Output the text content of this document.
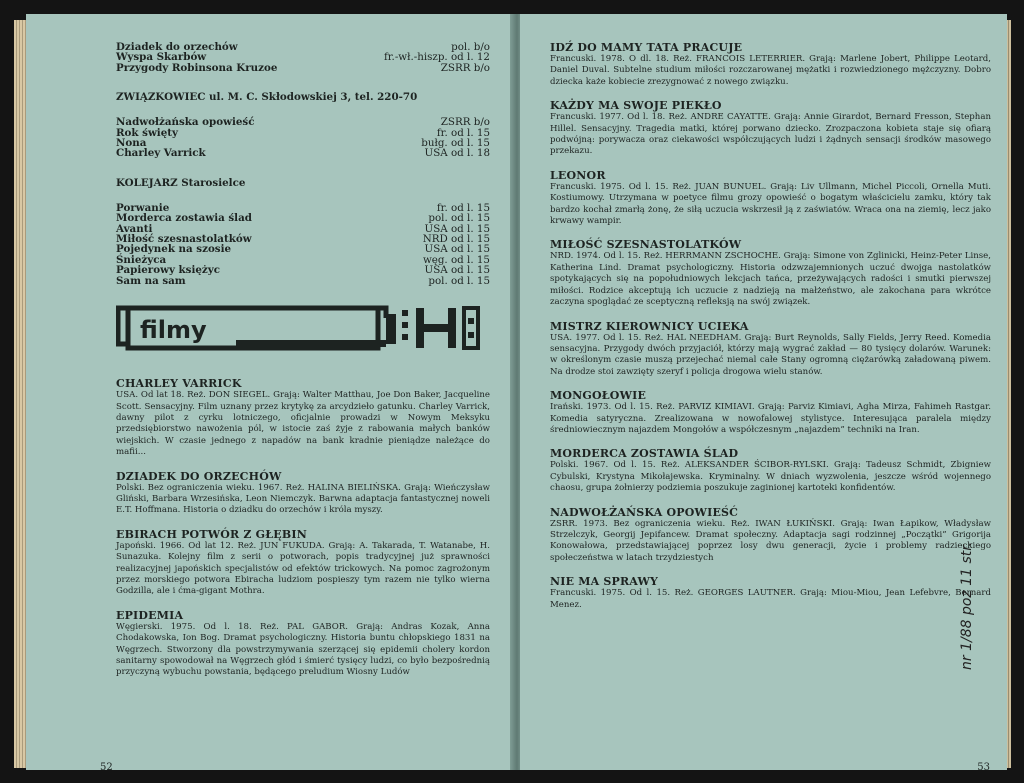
Dziadek do orzechów	pol. b/o
Wyspa Skarbów	fr.-wł.-hiszp. od l. 12
Przygody Robinsona Kruzoe	ZSRR b/o
ZWIĄZKOWIEC ul. M. C. Skłodowskiej 3, tel. 220-70
Nadwołżańska opowieść	ZSRR b/o
Rok święty	fr. od l. 15
Nona	bułg. od l. 15
Charley Varrick	USA od l. 18
KOLEJARZ Starosielce
Porwanie	fr. od l. 15
Morderca zostawia ślad	pol. od l. 15
Avanti	USA od l. 15
Miłość szesnastolatków	NRD od l. 15
Pojedynek na szosie	USA od l. 15
Śnieżyca	węg. od l. 15
Papierowy księżyc	USA od l. 15
Sam na sam	pol. od l. 15
filmy
CHARLEY VARRICK
USA. Od lat 18. Reż. DON SIEGEL. Grają: Walter Matthau, Joe Don Baker, Jacqueline Scott. Sensacyjny. Film uznany przez krytykę za arcydzieło gatunku. Charley Varrick, dawny pilot z cyrku lotniczego, oficjalnie prowadzi w Nowym Meksyku przedsiębiorstwo nawożenia pól, w istocie zaś żyje z rabowania małych banków wiejskich. W czasie jednego z napadów na bank kradnie pieniądze należące do mafii...
DZIADEK DO ORZECHÓW
Polski. Bez ograniczenia wieku. 1967. Reż. HALINA BIELIŃSKA. Grają: Wieńczysław Gliński, Barbara Wrzesińska, Leon Niemczyk. Barwna adaptacja fantastycznej noweli E.T. Hoffmana. Historia o dziadku do orzechów i króla myszy.
EBIRACH POTWÓR Z GŁĘBIN
Japoński. 1966. Od lat 12. Reż. JUN FUKUDA. Grają: A. Takarada, T. Watanabe, H. Sunazuka. Kolejny film z serii o potworach, popis tradycyjnej już sprawności realizacyjnej japońskich specjalistów od efektów trickowych. Na pomoc zagrożonym przez morskiego potwora Ebiracha ludziom pospieszy tym razem nie tylko wierna Godzilla, ale i ćma-gigant Mothra.
EPIDEMIA
Węgierski. 1975. Od l. 18. Reż. PAL GABOR. Grają: Andras Kozak, Anna Chodakowska, Ion Bog. Dramat psychologiczny. Historia buntu chłopskiego 1831 na Węgrzech. Stworzony dla powstrzymywania szerzącej się epidemii cholery kordon sanitarny spowodował na Węgrzech głód i śmierć tysięcy ludzi, co było bezpośrednią przyczyną wybuchu powstania, będącego preludium Wiosny Ludów
IDŹ DO MAMY TATA PRACUJE
Francuski. 1978. O dl. 18. Reż. FRANCOIS LETERRIER. Grają: Marlene Jobert, Philippe Leotard, Daniel Duval. Subtelne studium miłości rozczarowanej mężatki i rozwiedzionego mężczyzny. Dobro dziecka każe kobiecie zrezygnować z nowego związku.
KAŻDY MA SWOJE PIEKŁO
Francuski. 1977. Od l. 18. Reż. ANDRE CAYATTE. Grają: Annie Girardot, Bernard Fresson, Stephan Hillel. Sensacyjny. Tragedia matki, której porwano dziecko. Zrozpaczona kobieta staje się ofiarą podwójną: porywacza oraz ciekawości współczujących ludzi i żądnych sensacji środków masowego przekazu.
LEONOR
Francuski. 1975. Od l. 15. Reż. JUAN BUNUEL. Grają: Liv Ullmann, Michel Piccoli, Ornella Muti. Kostiumowy. Utrzymana w poetyce filmu grozy opowieść o bogatym właścicielu zamku, który tak bardzo kochał zmarłą żonę, że siłą uczucia wskrzesił ją z zaświatów. Wraca ona na ziemię, lecz jako krwawy wampir.
MIŁOŚĆ SZESNASTOLATKÓW
NRD. 1974. Od l. 15. Reż. HERRMANN ZSCHOCHE. Grają: Simone von Zglinicki, Heinz-Peter Linse, Katherina Lind. Dramat psychologiczny. Historia odzwzajemnionych uczuć dwojga nastolatków spotykających się na popołudniowych lekcjach tańca, przeżywających radości i smutki pierwszej miłości. Rodzice akceptują ich uczucie z nadzieją na małżeństwo, ale zakochana para wkrótce zaczyna spoglądać ze sceptyczną refleksją na swój związek.
MISTRZ KIEROWNICY UCIEKA
USA. 1977. Od l. 15. Reż. HAL NEEDHAM. Grają: Burt Reynolds, Sally Fields, Jerry Reed. Komedia sensacyjna. Przygody dwóch przyjaciół, którzy mają wygrać zakład — 80 tysięcy dolarów. Warunek: w określonym czasie muszą przejechać niemal całe Stany ogromną ciężarówką załadowaną piwem. Na drodze stoi zawzięty szeryf i policja drogowa wielu stanów.
MONGOŁOWIE
Irański. 1973. Od l. 15. Reż. PARVIZ KIMIAVI. Grają: Parviz Kimiavi, Agha Mirza, Fahimeh Rastgar. Komedia satyryczna. Zrealizowana w nowofalowej stylistyce. Interesująca paralela między średniowiecznym najazdem Mongołów a współczesnym „najazdem” techniki na Iran.
MORDERCA ZOSTAWIA ŚLAD
Polski. 1967. Od l. 15. Reż. ALEKSANDER ŚCIBOR-RYLSKI. Grają: Tadeusz Schmidt, Zbigniew Cybulski, Krystyna Mikołajewska. Kryminalny. W dniach wyzwolenia, jeszcze wśród wojennego chaosu, grupa żołnierzy podziemia poszukuje zaginionej kartoteki konfidentów.
NADWOŁŻAŃSKA OPOWIEŚĆ
ZSRR. 1973. Bez ograniczenia wieku. Reż. IWAN ŁUKIŃSKI. Grają: Iwan Łapikow, Władysław Strzelczyk, Georgij Jepifancew. Dramat społeczny. Adaptacja sagi rodzinnej „Początki” Grigorija Konowałowa, przedstawiającej poprzez losy dwu generacji, życie i problemy radzieckiego społeczeństwa w latach trzydziestych
NIE MA SPRAWY
Francuski. 1975. Od l. 15. Reż. GEORGES LAUTNER. Grają: Miou-Miou, Jean Lefebvre, Bernard Menez.
52	53
nr 1/88 poz 11 str.
